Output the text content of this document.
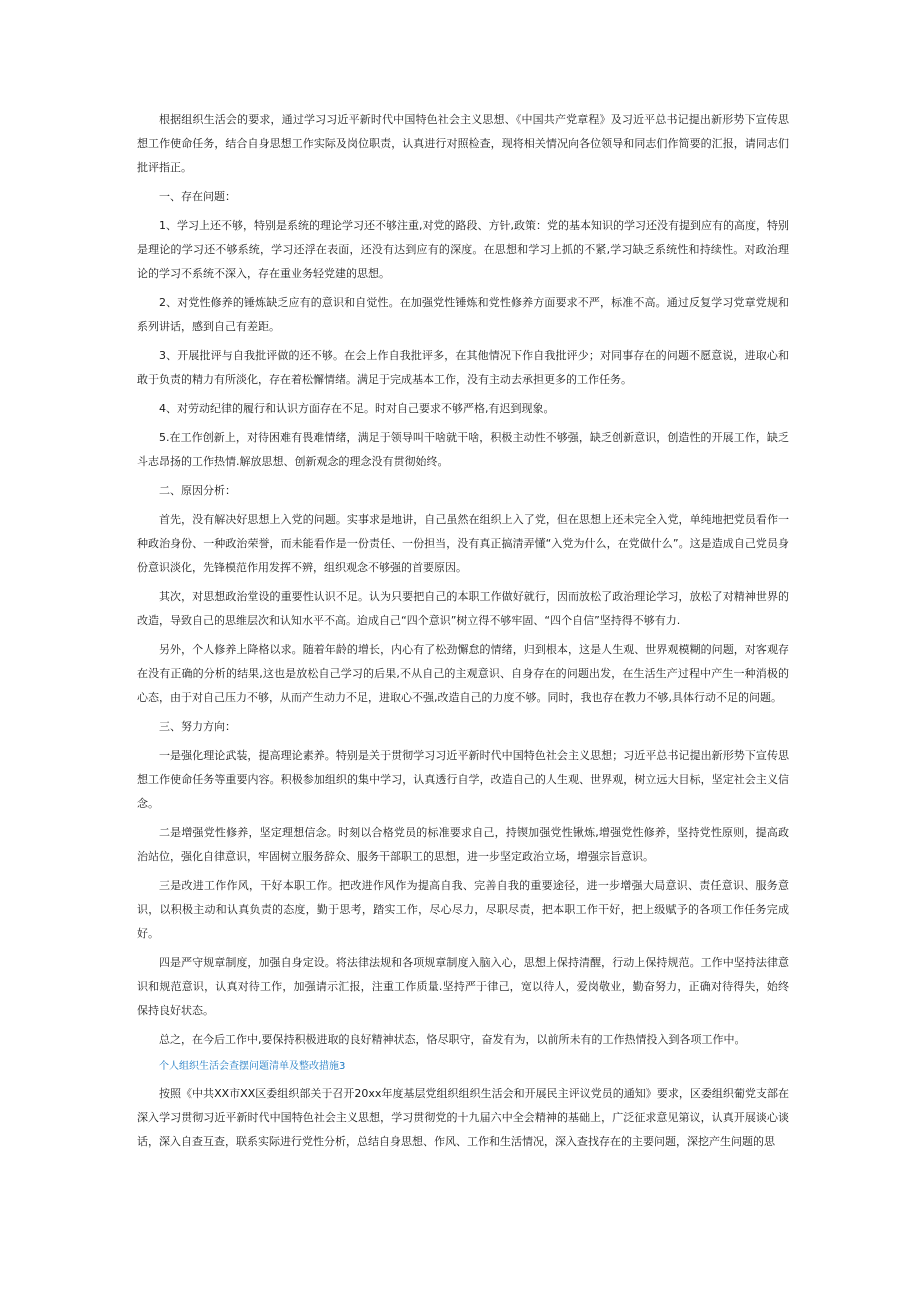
根据组织生活会的要求，通过学习习近平新时代中国特色社会主义思想、《中国共产党章程》及习近平总书记提出新形势下宣传思想工作使命任务，结合自身思想工作实际及岗位职责，认真进行对照检查，现将相关情况向各位领导和同志们作简要的汇报，请同志们批评指正。

一、存在问题：

1、学习上还不够，特别是系统的理论学习还不够注重,对党的路段、方针,政策：党的基本知识的学习还没有提到应有的高度，特别是理论的学习还不够系统，学习还浮在表面，还没有达到应有的深度。在思想和学习上抓的不紧,学习缺乏系统性和持续性。对政治理论的学习不系统不深入，存在重业务轻党建的思想。

2、对党性修养的锤炼缺乏应有的意识和自觉性。在加强党性锤炼和党性修养方面要求不严，标准不高。通过反复学习党章党规和系列讲话，感到自己有差距。

3、开展批评与自我批评做的还不够。在会上作自我批评多，在其他情况下作自我批评少；对同事存在的问题不愿意说，进取心和敢于负责的精力有所淡化，存在着松懈情绪。满足于完成基本工作，没有主动去承担更多的工作任务。

4、对劳动纪律的履行和认识方面存在不足。时对自己要求不够严格,有迟到现象。

5.在工作创新上，对待困难有畏难情绪，满足于领导叫干啥就干啥，积极主动性不够强，缺乏创新意识，创造性的开展工作，缺乏斗志昂扬的工作热情.解放思想、创新观念的理念没有贯彻始终。

二、原因分析：

首先，没有解决好思想上入党的问题。实事求是地讲，自己虽然在组织上入了党，但在思想上还未完全入党，单纯地把党员看作一种政治身份、一种政治荣誉，而未能看作是一份责任、一份担当，没有真正搞清弄懂“入党为什么，在党做什么”。这是造成自己党员身份意识淡化，先锋模范作用发挥不辨，组织观念不够强的首要原因。

其次，对思想政治堂设的重要性认识不足。认为只要把自己的本职工作做好就行，因而放松了政治理论学习，放松了对精神世界的改造，导致自己的思维层次和认知水平不高。迨成自己“四个意识”树立得不够牢固、“四个自信”坚持得不够有力.

另外，个人修养上降格以求。随着年龄的增长，内心有了松劲懈怠的情绪，归到根本，这是人生观、世界观模糊的问题，对客观存在没有正确的分析的结果,这也是放松自己学习的后果,不从自己的主观意识、自身存在的问题出发，在生活生产过程中产生一种消极的心态，由于对自己压力不够，从而产生动力不足，进取心不强,改造自己的力度不够。同时，我也存在教力不够,具体行动不足的问题。

三、努力方向：

一是强化理论武装，提高理论素养。特别是关于贯彻学习习近平新时代中国特色社会主义思想；习近平总书记提出新形势下宣传思想工作使命任务等重要内容。积极参加组织的集中学习，认真透行自学，改造自己的人生观、世界观，树立远大目标，坚定社会主义信念。

二是增强党性修养，坚定理想信念。时刻以合格党员的标准要求自己，持锲加强党性锹炼,增强党性修养，坚持党性原则，提高政治站位，强化自律意识，牢固树立服务辞众、服务干部职工的思想，进一步坚定政治立场，增强宗旨意识。

三是改进工作作风，干好本职工作。把改进作风作为提高自我、完善自我的重要途径，进一步增强大局意识、责任意识、服务意识，以积极主动和认真负责的态度，勤于思考，踏实工作，尽心尽力，尽职尽责，把本职工作干好，把上级赋予的各项工作任务完成好。

四是严守规章制度，加强自身定设。将法律法规和各项规章制度入脑入心，思想上保持清醒，行动上保持规范。工作中坚持法律意识和规范意识，认真对待工作，加强请示汇报，注重工作质量.坚持严于律己，宽以待人，爱岗敬业，勤奋努力，正确对待得失，始终保持良好状态。

总之，在今后工作中,要保持积极进取的良好精神状态，恪尽职守，奋发有为，以前所未有的工作热情投入到各项工作中。

个人组织生活会查摆问题清单及整改措施3

按照《中共XX市XX区委组织部关于召开20xx年度基层党组织组织生活会和开展民主评议党员的通知》要求，区委组织葡党支部在深入学习贯彻习近平新时代中国特色社会主义思想，学习贯彻党的十九届六中全会精神的基础上，广泛征求意见第议，认真开展谈心谈话，深入自查互查，联系实际进行党性分析，总结自身思想、作风、工作和生活情况，深入查找存在的主要问题，深挖产生问题的思
